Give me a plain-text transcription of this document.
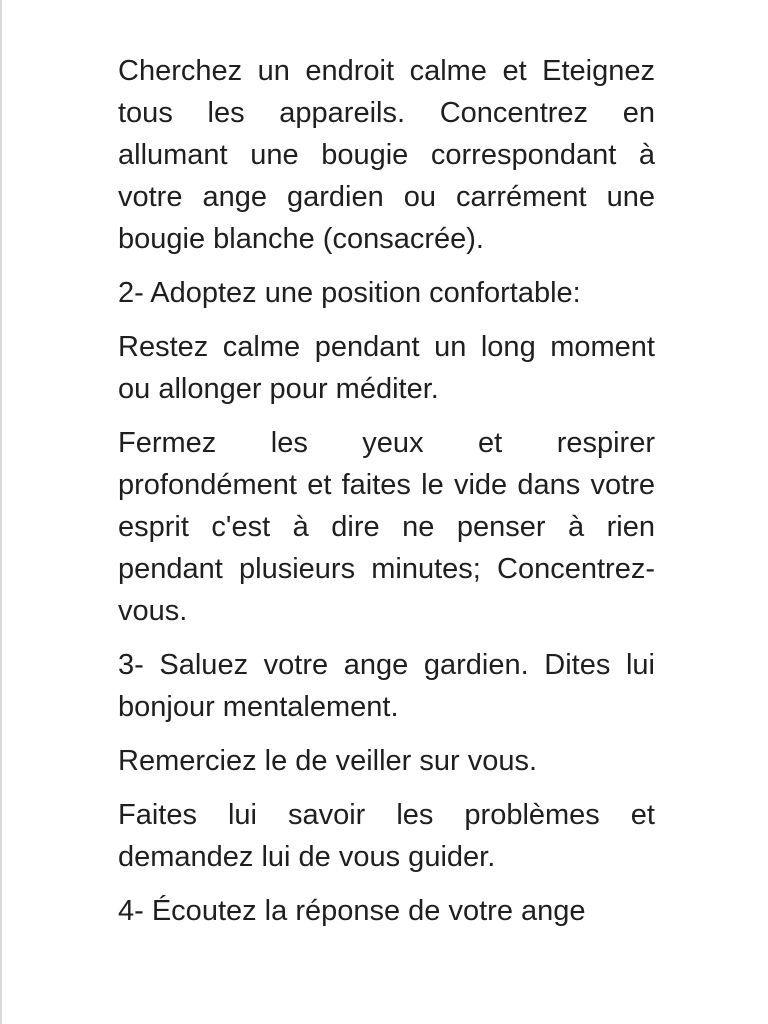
Cherchez un endroit calme et Eteignez tous les appareils. Concentrez en allumant une bougie correspondant à votre ange gardien ou carrément une bougie blanche (consacrée).

2- Adoptez une position confortable:

Restez calme pendant un long moment ou allonger pour méditer.

Fermez les yeux et respirer profondément et faites le vide dans votre esprit c'est à dire ne penser à rien pendant plusieurs minutes; Concentrez-vous.

3- Saluez votre ange gardien. Dites lui bonjour mentalement.

Remerciez le de veiller sur vous.

Faites lui savoir les problèmes et demandez lui de vous guider.

4- Écoutez la réponse de votre ange
